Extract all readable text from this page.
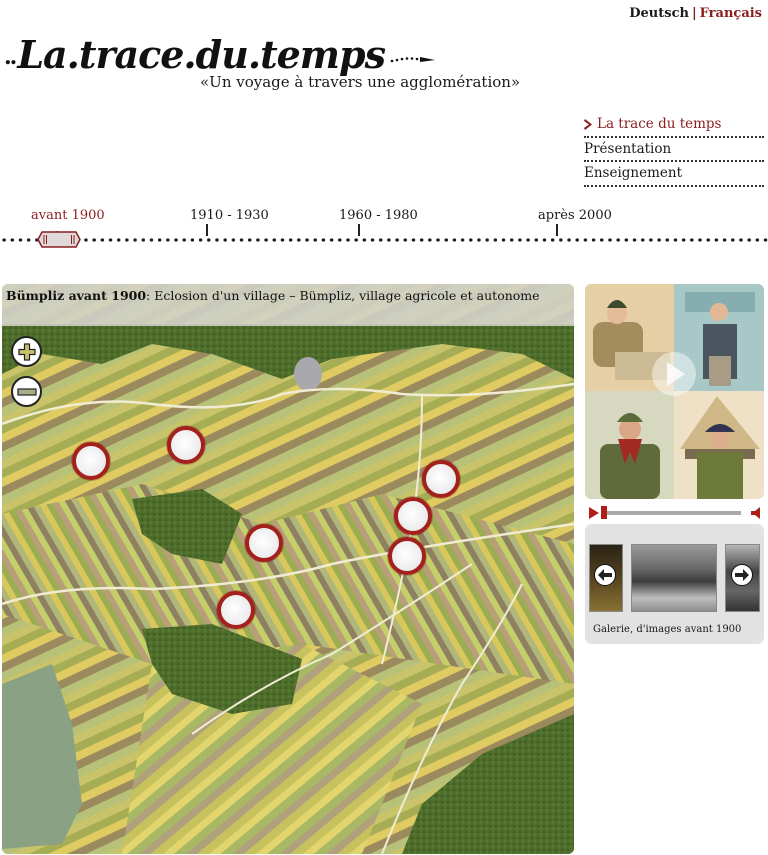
Deutsch | Français
.. La.trace.du.temps
«Un voyage à travers une agglomération»
La trace du temps
Présentation
Enseignement
avant 1900	1910 - 1930	1960 - 1980	après 2000
Bümpliz avant 1900: Eclosion d'un village – Bümpliz, village agricole et autonome
Galerie, d'images avant 1900
